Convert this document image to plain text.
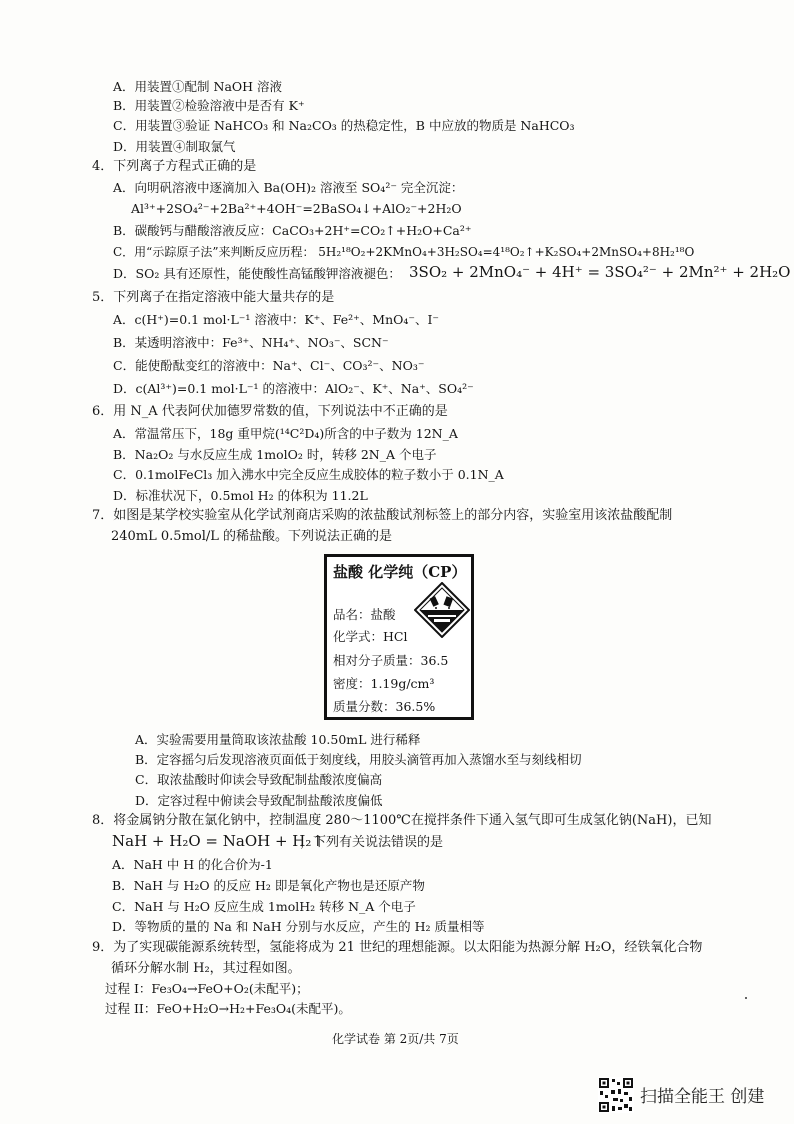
A．用装置①配制 NaOH 溶液
B．用装置②检验溶液中是否有 K⁺
C．用装置③验证 NaHCO₃ 和 Na₂CO₃ 的热稳定性，B 中应放的物质是 NaHCO₃
D．用装置④制取氯气
4．下列离子方程式正确的是
A．向明矾溶液中逐滴加入 Ba(OH)₂ 溶液至 SO₄²⁻ 完全沉淀：
Al³⁺+2SO₄²⁻+2Ba²⁺+4OH⁻=2BaSO₄↓+AlO₂⁻+2H₂O
B．碳酸钙与醋酸溶液反应：CaCO₃+2H⁺=CO₂↑+H₂O+Ca²⁺
C．用“示踪原子法”来判断反应历程： 5H₂¹⁸O₂+2KMnO₄+3H₂SO₄=4¹⁸O₂↑+K₂SO₄+2MnSO₄+8H₂¹⁸O
D．SO₂ 具有还原性，能使酸性高锰酸钾溶液褪色： 3SO₂ + 2MnO₄⁻ + 4H⁺ = 3SO₄²⁻ + 2Mn²⁺ + 2H₂O
5．下列离子在指定溶液中能大量共存的是
A．c(H⁺)=0.1 mol·L⁻¹ 溶液中：K⁺、Fe²⁺、MnO₄⁻、I⁻
B．某透明溶液中：Fe³⁺、NH₄⁺、NO₃⁻、SCN⁻
C．能使酚酞变红的溶液中：Na⁺、Cl⁻、CO₃²⁻、NO₃⁻
D．c(Al³⁺)=0.1 mol·L⁻¹ 的溶液中：AlO₂⁻、K⁺、Na⁺、SO₄²⁻
6．用 N_A 代表阿伏加德罗常数的值，下列说法中不正确的是
A．常温常压下，18g 重甲烷(¹⁴C²D₄)所含的中子数为 12N_A
B．Na₂O₂ 与水反应生成 1molO₂ 时，转移 2N_A 个电子
C．0.1molFeCl₃ 加入沸水中完全反应生成胶体的粒子数小于 0.1N_A
D．标准状况下，0.5mol H₂ 的体积为 11.2L
7．如图是某学校实验室从化学试剂商店采购的浓盐酸试剂标签上的部分内容，实验室用该浓盐酸配制
240mL 0.5mol/L 的稀盐酸。下列说法正确的是
盐酸 化学纯（CP）
品名：盐酸
化学式：HCl
相对分子质量：36.5
密度：1.19g/cm³
质量分数：36.5%
A．实验需要用量筒取该浓盐酸 10.50mL 进行稀释
B．定容摇匀后发现溶液页面低于刻度线，用胶头滴管再加入蒸馏水至与刻线相切
C．取浓盐酸时仰读会导致配制盐酸浓度偏高
D．定容过程中俯读会导致配制盐酸浓度偏低
8．将金属钠分散在氯化钠中，控制温度 280～1100℃在搅拌条件下通入氢气即可生成氢化钠(NaH)，已知
NaH + H₂O = NaOH + H₂↑
，下列有关说法错误的是
A．NaH 中 H 的化合价为-1
B．NaH 与 H₂O 的反应 H₂ 即是氧化产物也是还原产物
C．NaH 与 H₂O 反应生成 1molH₂ 转移 N_A 个电子
D．等物质的量的 Na 和 NaH 分别与水反应，产生的 H₂ 质量相等
9．为了实现碳能源系统转型，氢能将成为 21 世纪的理想能源。以太阳能为热源分解 H₂O，经铁氧化合物
循环分解水制 H₂，其过程如图。
过程 I：Fe₃O₄→FeO+O₂(未配平)；
过程 II：FeO+H₂O→H₂+Fe₃O₄(未配平)。
化学试卷 第 2页/共 7页
扫描全能王 创建
